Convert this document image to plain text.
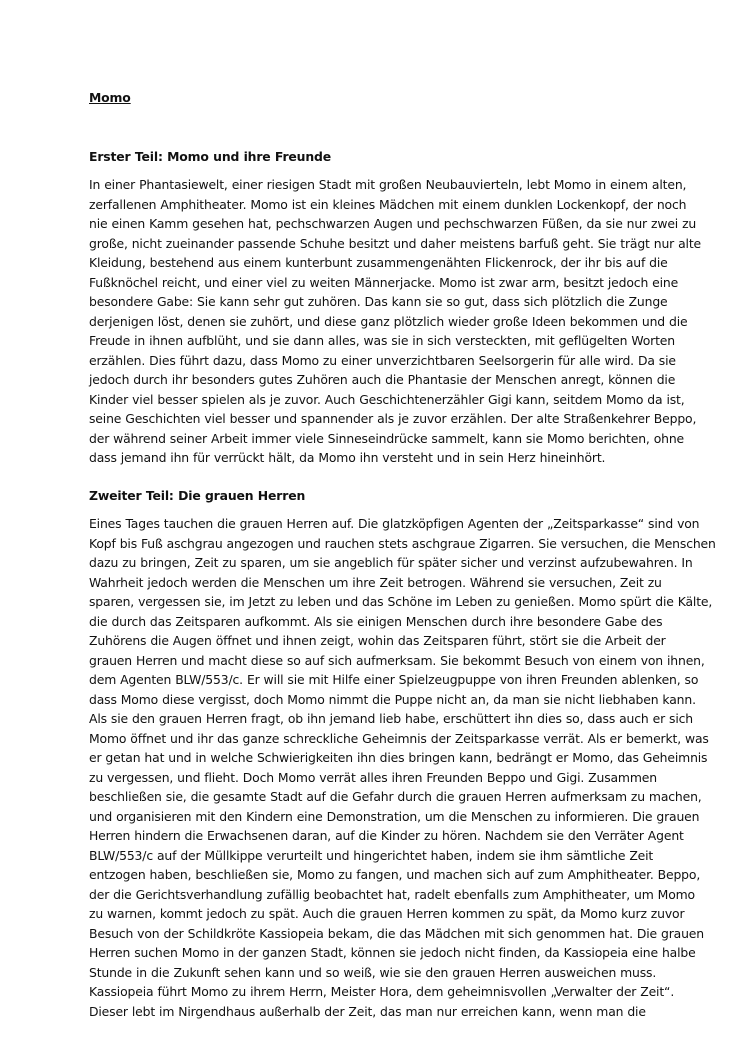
Momo
Erster Teil: Momo und ihre Freunde
In einer Phantasiewelt, einer riesigen Stadt mit großen Neubauvierteln, lebt Momo in einem alten,
zerfallenen Amphitheater. Momo ist ein kleines Mädchen mit einem dunklen Lockenkopf, der noch
nie einen Kamm gesehen hat, pechschwarzen Augen und pechschwarzen Füßen, da sie nur zwei zu
große, nicht zueinander passende Schuhe besitzt und daher meistens barfuß geht. Sie trägt nur alte
Kleidung, bestehend aus einem kunterbunt zusammengenähten Flickenrock, der ihr bis auf die
Fußknöchel reicht, und einer viel zu weiten Männerjacke. Momo ist zwar arm, besitzt jedoch eine
besondere Gabe: Sie kann sehr gut zuhören. Das kann sie so gut, dass sich plötzlich die Zunge
derjenigen löst, denen sie zuhört, und diese ganz plötzlich wieder große Ideen bekommen und die
Freude in ihnen aufblüht, und sie dann alles, was sie in sich versteckten, mit geflügelten Worten
erzählen. Dies führt dazu, dass Momo zu einer unverzichtbaren Seelsorgerin für alle wird. Da sie
jedoch durch ihr besonders gutes Zuhören auch die Phantasie der Menschen anregt, können die
Kinder viel besser spielen als je zuvor. Auch Geschichtenerzähler Gigi kann, seitdem Momo da ist,
seine Geschichten viel besser und spannender als je zuvor erzählen. Der alte Straßenkehrer Beppo,
der während seiner Arbeit immer viele Sinneseindrücke sammelt, kann sie Momo berichten, ohne
dass jemand ihn für verrückt hält, da Momo ihn versteht und in sein Herz hineinhört.
Zweiter Teil: Die grauen Herren
Eines Tages tauchen die grauen Herren auf. Die glatzköpfigen Agenten der „Zeitsparkasse“ sind von
Kopf bis Fuß aschgrau angezogen und rauchen stets aschgraue Zigarren. Sie versuchen, die Menschen
dazu zu bringen, Zeit zu sparen, um sie angeblich für später sicher und verzinst aufzubewahren. In
Wahrheit jedoch werden die Menschen um ihre Zeit betrogen. Während sie versuchen, Zeit zu
sparen, vergessen sie, im Jetzt zu leben und das Schöne im Leben zu genießen. Momo spürt die Kälte,
die durch das Zeitsparen aufkommt. Als sie einigen Menschen durch ihre besondere Gabe des
Zuhörens die Augen öffnet und ihnen zeigt, wohin das Zeitsparen führt, stört sie die Arbeit der
grauen Herren und macht diese so auf sich aufmerksam. Sie bekommt Besuch von einem von ihnen,
dem Agenten BLW/553/c. Er will sie mit Hilfe einer Spielzeugpuppe von ihren Freunden ablenken, so
dass Momo diese vergisst, doch Momo nimmt die Puppe nicht an, da man sie nicht liebhaben kann.
Als sie den grauen Herren fragt, ob ihn jemand lieb habe, erschüttert ihn dies so, dass auch er sich
Momo öffnet und ihr das ganze schreckliche Geheimnis der Zeitsparkasse verrät. Als er bemerkt, was
er getan hat und in welche Schwierigkeiten ihn dies bringen kann, bedrängt er Momo, das Geheimnis
zu vergessen, und flieht. Doch Momo verrät alles ihren Freunden Beppo und Gigi. Zusammen
beschließen sie, die gesamte Stadt auf die Gefahr durch die grauen Herren aufmerksam zu machen,
und organisieren mit den Kindern eine Demonstration, um die Menschen zu informieren. Die grauen
Herren hindern die Erwachsenen daran, auf die Kinder zu hören. Nachdem sie den Verräter Agent
BLW/553/c auf der Müllkippe verurteilt und hingerichtet haben, indem sie ihm sämtliche Zeit
entzogen haben, beschließen sie, Momo zu fangen, und machen sich auf zum Amphitheater. Beppo,
der die Gerichtsverhandlung zufällig beobachtet hat, radelt ebenfalls zum Amphitheater, um Momo
zu warnen, kommt jedoch zu spät. Auch die grauen Herren kommen zu spät, da Momo kurz zuvor
Besuch von der Schildkröte Kassiopeia bekam, die das Mädchen mit sich genommen hat. Die grauen
Herren suchen Momo in der ganzen Stadt, können sie jedoch nicht finden, da Kassiopeia eine halbe
Stunde in die Zukunft sehen kann und so weiß, wie sie den grauen Herren ausweichen muss.
Kassiopeia führt Momo zu ihrem Herrn, Meister Hora, dem geheimnisvollen „Verwalter der Zeit“.
Dieser lebt im Nirgendhaus außerhalb der Zeit, das man nur erreichen kann, wenn man die
